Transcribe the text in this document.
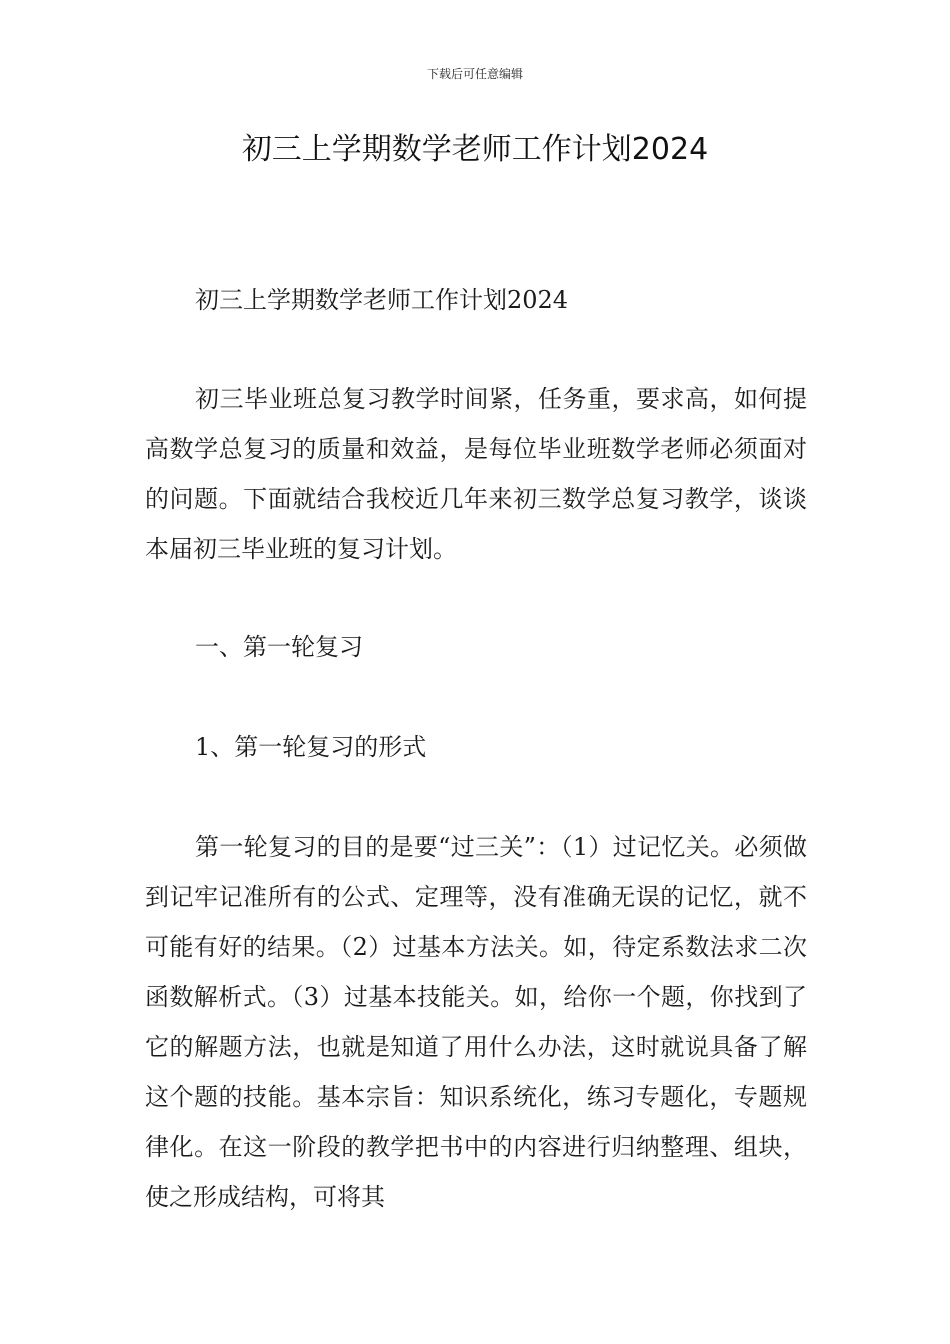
下载后可任意编辑
初三上学期数学老师工作计划2024

初三上学期数学老师工作计划2024

初三毕业班总复习教学时间紧，任务重，要求高，如何提高数学总复习的质量和效益，是每位毕业班数学老师必须面对的问题。下面就结合我校近几年来初三数学总复习教学，谈谈本届初三毕业班的复习计划。

一、第一轮复习

1、第一轮复习的形式

第一轮复习的目的是要“过三关”：（1）过记忆关。必须做到记牢记准所有的公式、定理等，没有准确无误的记忆，就不可能有好的结果。（2）过基本方法关。如，待定系数法求二次函数解析式。（3）过基本技能关。如，给你一个题，你找到了它的解题方法，也就是知道了用什么办法，这时就说具备了解这个题的技能。基本宗旨：知识系统化，练习专题化，专题规律化。在这一阶段的教学把书中的内容进行归纳整理、组块，使之形成结构，可将其
